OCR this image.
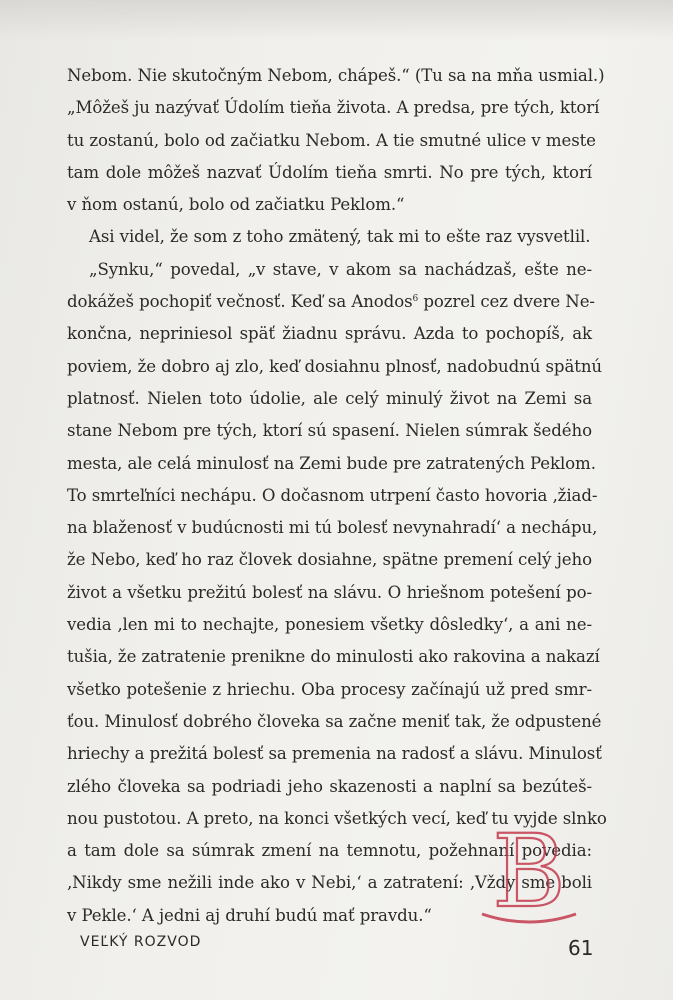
Nebom. Nie skutočným Nebom, chápeš.“ (Tu sa na mňa usmial.)
„Môžeš ju nazývať Údolím tieňa života. A predsa, pre tých, ktorí
tu zostanú, bolo od začiatku Nebom. A tie smutné ulice v meste
tam dole môžeš nazvať Údolím tieňa smrti. No pre tých, ktorí
v ňom ostanú, bolo od začiatku Peklom.“
Asi videl, že som z toho zmätený, tak mi to ešte raz vysvetlil.
„Synku,“ povedal, „v stave, v akom sa nachádzaš, ešte ne-
dokážeš pochopiť večnosť. Keď sa Anodos$^6$ pozrel cez dvere Ne-
končna, nepriniesol späť žiadnu správu. Azda to pochopíš, ak
poviem, že dobro aj zlo, keď dosiahnu plnosť, nadobudnú spätnú
platnosť. Nielen toto údolie, ale celý minulý život na Zemi sa
stane Nebom pre tých, ktorí sú spasení. Nielen súmrak šedého
mesta, ale celá minulosť na Zemi bude pre zatratených Peklom.
To smrteľníci nechápu. O dočasnom utrpení často hovoria ‚žiad-
na blaženosť v budúcnosti mi tú bolesť nevynahradí‘ a nechápu,
že Nebo, keď ho raz človek dosiahne, spätne premení celý jeho
život a všetku prežitú bolesť na slávu. O hriešnom potešení po-
vedia ‚len mi to nechajte, ponesiem všetky dôsledky‘, a ani ne-
tušia, že zatratenie prenikne do minulosti ako rakovina a nakazí
všetko potešenie z hriechu. Oba procesy začínajú už pred smr-
ťou. Minulosť dobrého človeka sa začne meniť tak, že odpustené
hriechy a prežitá bolesť sa premenia na radosť a slávu. Minulosť
zlého človeka sa podriadi jeho skazenosti a naplní sa bezúteš-
nou pustotou. A preto, na konci všetkých vecí, keď tu vyjde slnko
a tam dole sa súmrak zmení na temnotu, požehnaní povedia:
‚Nikdy sme nežili inde ako v Nebi,‘ a zatratení: ‚Vždy sme boli
v Pekle.‘ A jedni aj druhí budú mať pravdu.“ B
VEĽKÝ ROZVOD	61
